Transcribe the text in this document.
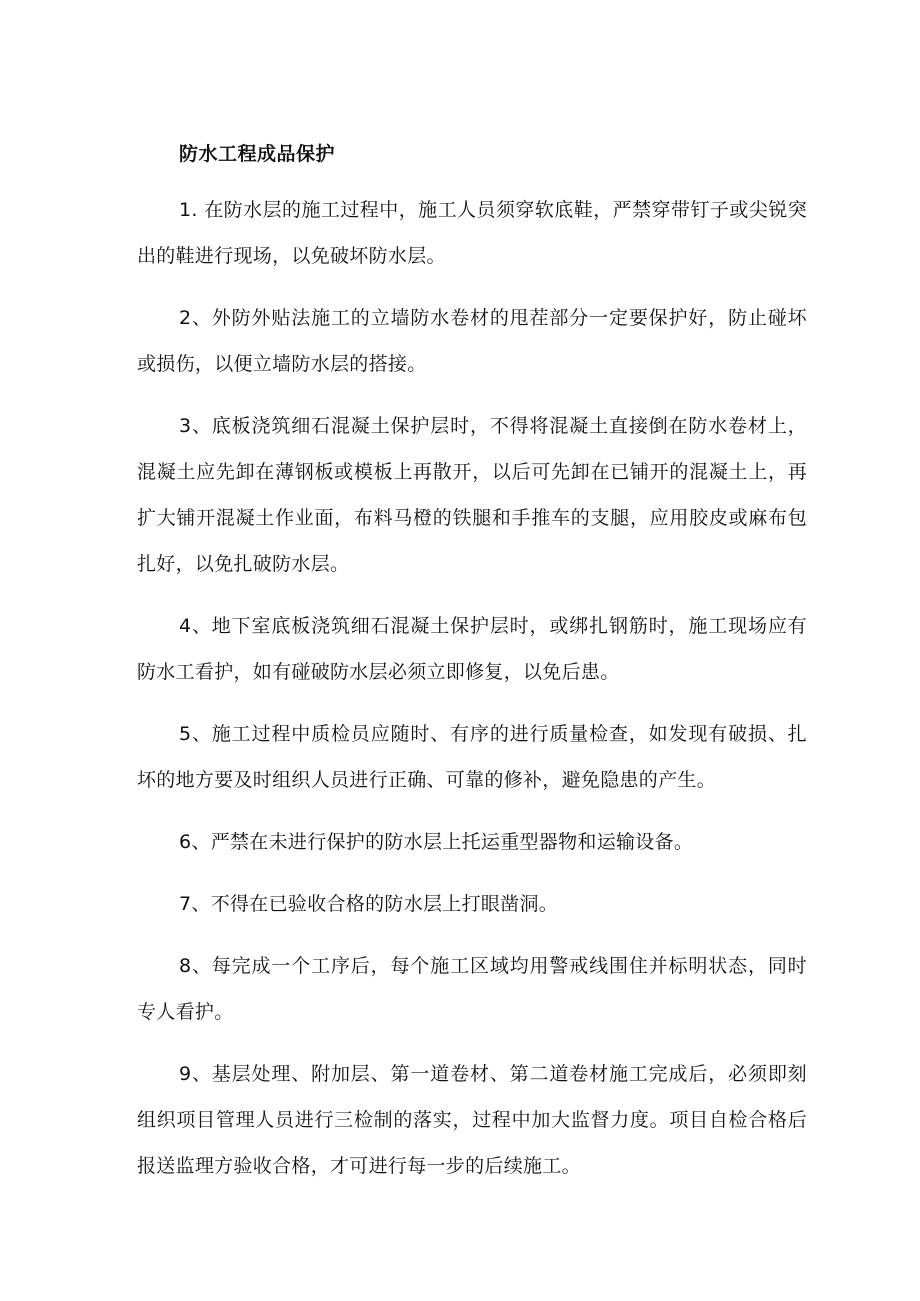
防水工程成品保护

1. 在防水层的施工过程中，施工人员须穿软底鞋，严禁穿带钉子或尖锐突出的鞋进行现场，以免破坏防水层。

2、外防外贴法施工的立墙防水卷材的甩茬部分一定要保护好，防止碰坏或损伤，以便立墙防水层的搭接。

3、底板浇筑细石混凝土保护层时，不得将混凝土直接倒在防水卷材上，混凝土应先卸在薄钢板或模板上再散开，以后可先卸在已铺开的混凝土上，再扩大铺开混凝土作业面，布料马橙的铁腿和手推车的支腿，应用胶皮或麻布包扎好，以免扎破防水层。

4、地下室底板浇筑细石混凝土保护层时，或绑扎钢筋时，施工现场应有防水工看护，如有碰破防水层必须立即修复，以免后患。

5、施工过程中质检员应随时、有序的进行质量检查，如发现有破损、扎坏的地方要及时组织人员进行正确、可靠的修补，避免隐患的产生。

6、严禁在未进行保护的防水层上托运重型器物和运输设备。

7、不得在已验收合格的防水层上打眼凿洞。

8、每完成一个工序后，每个施工区域均用警戒线围住并标明状态，同时专人看护。

9、基层处理、附加层、第一道卷材、第二道卷材施工完成后，必须即刻组织项目管理人员进行三检制的落实，过程中加大监督力度。项目自检合格后报送监理方验收合格，才可进行每一步的后续施工。
